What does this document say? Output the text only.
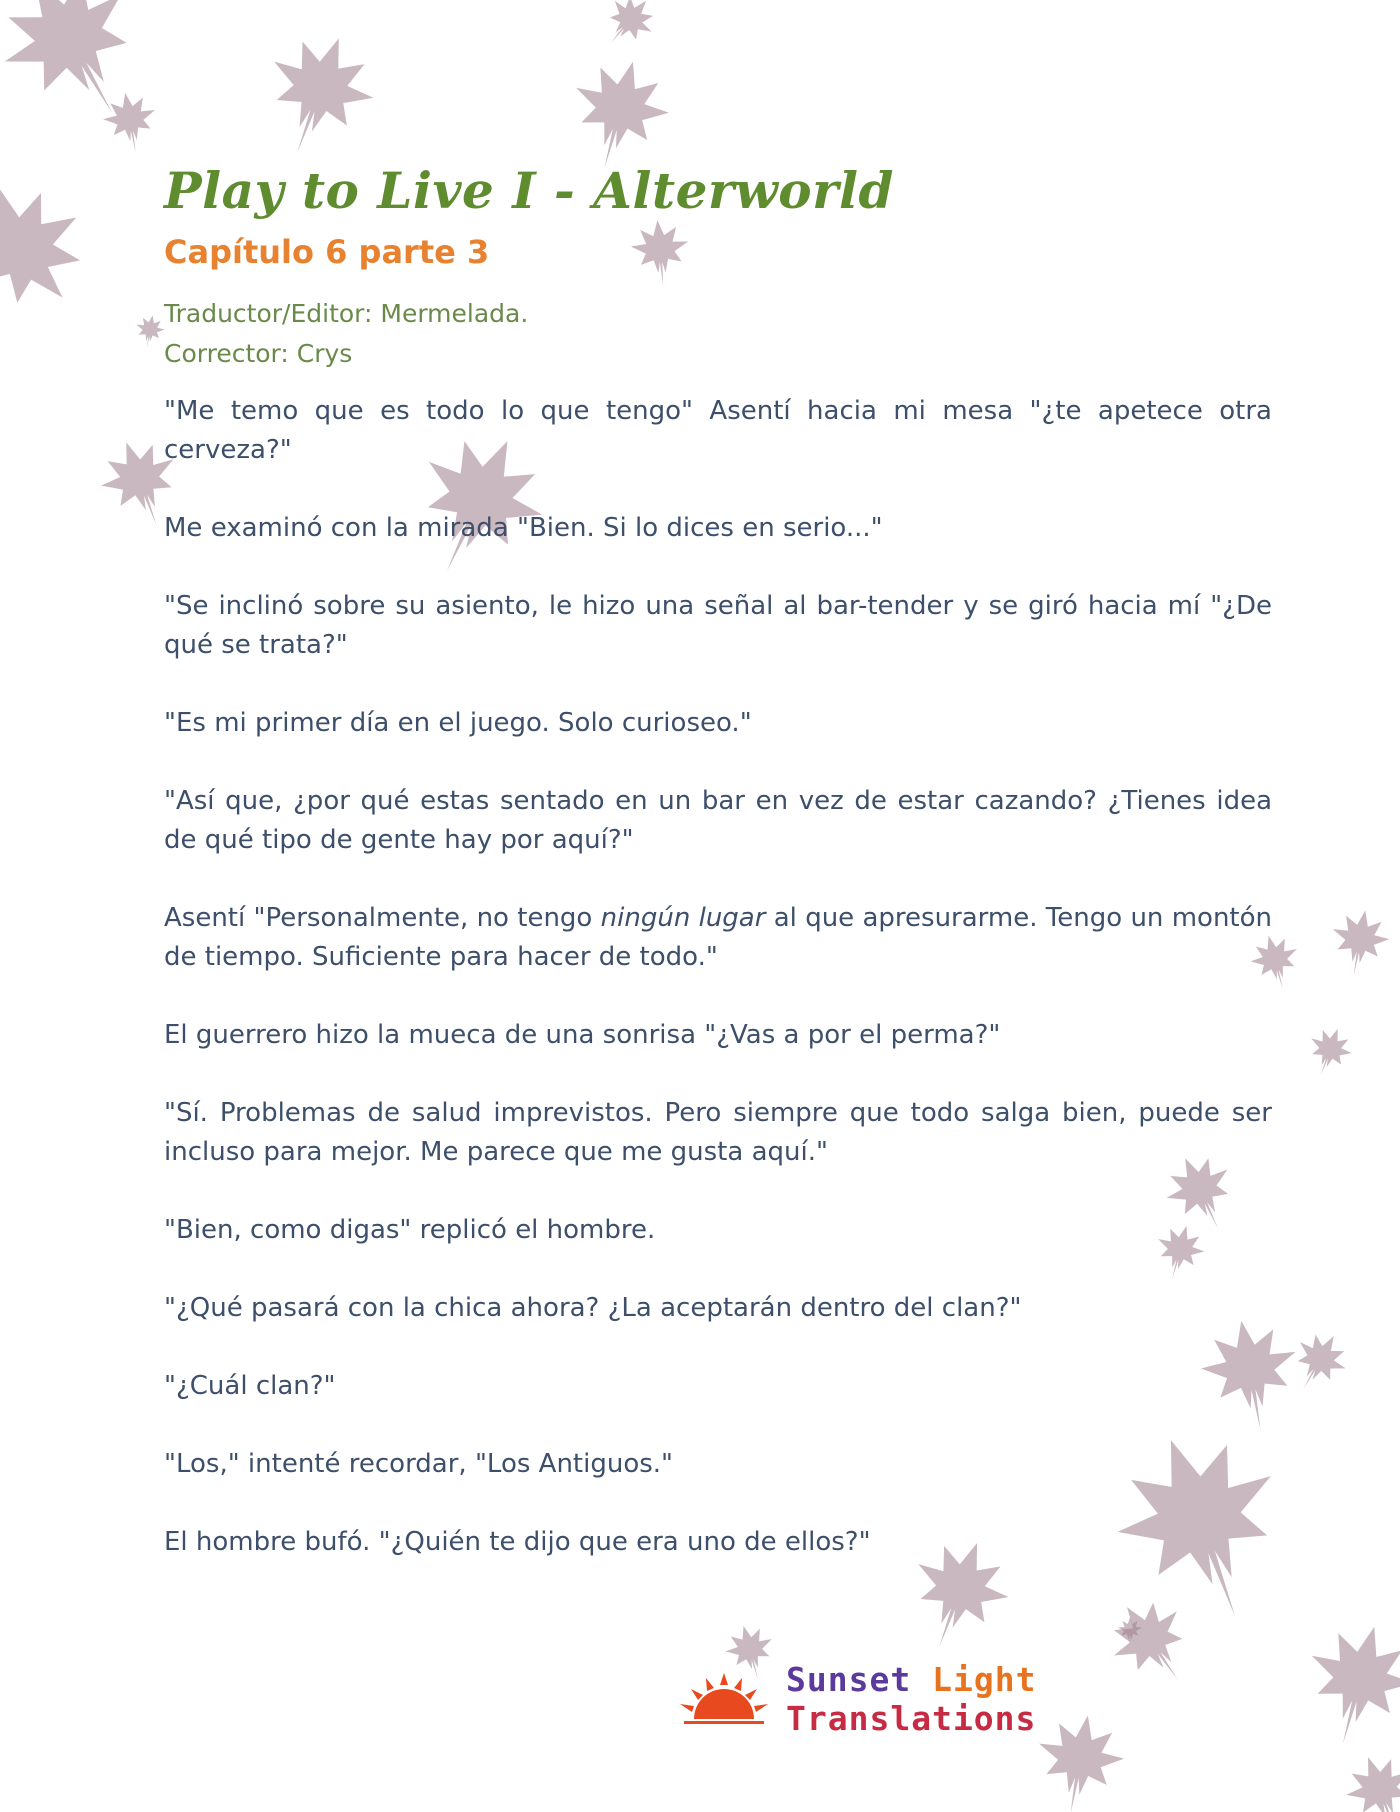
Play to Live I - Alterworld
Capítulo 6 parte 3
Traductor/Editor: Mermelada.
Corrector: Crys

"Me temo que es todo lo que tengo" Asentí hacia mi mesa "¿te apetece otra cerveza?"

Me examinó con la mirada "Bien. Si lo dices en serio..."

"Se inclinó sobre su asiento, le hizo una señal al bar-tender y se giró hacia mí "¿De qué se trata?"

"Es mi primer día en el juego. Solo curioseo."

"Así que, ¿por qué estas sentado en un bar en vez de estar cazando? ¿Tienes idea de qué tipo de gente hay por aquí?"

Asentí "Personalmente, no tengo ningún lugar al que apresurarme. Tengo un montón de tiempo. Suficiente para hacer de todo."

El guerrero hizo la mueca de una sonrisa "¿Vas a por el perma?"

"Sí. Problemas de salud imprevistos. Pero siempre que todo salga bien, puede ser incluso para mejor. Me parece que me gusta aquí."

"Bien, como digas" replicó el hombre.

"¿Qué pasará con la chica ahora? ¿La aceptarán dentro del clan?"

"¿Cuál clan?"

"Los," intenté recordar, "Los Antiguos."

El hombre bufó. "¿Quién te dijo que era uno de ellos?"

Sunset Light Translations
